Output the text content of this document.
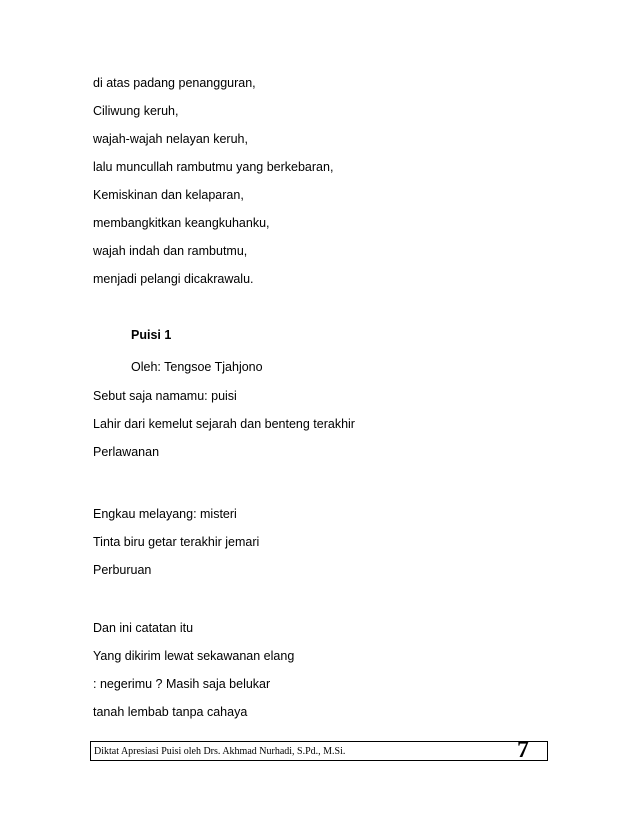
di atas padang penangguran,
Ciliwung keruh,
wajah-wajah nelayan keruh,
lalu muncullah rambutmu yang berkebaran,
Kemiskinan dan kelaparan,
membangkitkan keangkuhanku,
wajah indah dan rambutmu,
menjadi pelangi dicakrawalu.
Puisi 1
Oleh: Tengsoe Tjahjono
Sebut saja namamu: puisi
Lahir dari kemelut sejarah dan benteng terakhir
Perlawanan
Engkau melayang: misteri
Tinta biru getar terakhir jemari
Perburuan
Dan ini catatan itu
Yang dikirim lewat sekawanan elang
: negerimu ? Masih saja belukar
tanah lembab tanpa cahaya
Diktat Apresiasi Puisi oleh Drs. Akhmad Nurhadi, S.Pd., M.Si.	7
